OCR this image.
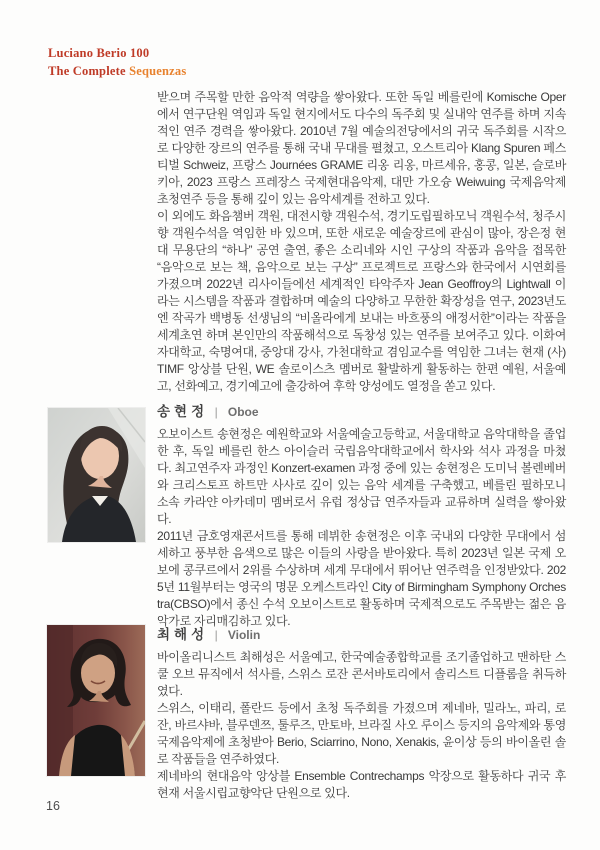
Luciano Berio 100
The Complete Sequenzas

받으며 주목할 만한 음악적 역량을 쌓아왔다. 또한 독일 베를린에 Komische Oper에서 연구단원 역임과 독일 현지에서도 다수의 독주회 및 실내악 연주를 하며 지속적인 연주 경력을 쌓아왔다. 2010년 7월 예술의전당에서의 귀국 독주회를 시작으로 다양한 장르의 연주를 통해 국내 무대를 펼쳤고, 오스트리아 Klang Spuren 페스티벌 Schweiz, 프랑스 Journées GRAME 리옹 리옹, 마르세유, 홍콩, 일본, 슬로바키아, 2023 프랑스 프레장스 국제현대음악제, 대만 가오슝 Weiwuing 국제음악제 초청연주 등을 통해 깊이 있는 음악세계를 전하고 있다.

이 외에도 화음챔버 객원, 대전시향 객원수석, 경기도립필하모닉 객원수석, 청주시향 객원수석을 역임한 바 있으며, 또한 새로운 예술장르에 관심이 많아, 장은정 현대 무용단의 “하나” 공연 출연, 좋은 소리네와 시인 구상의 작품과 음악을 접목한 “음악으로 보는 책, 음악으로 보는 구상” 프로젝트로 프랑스와 한국에서 시연회를 가졌으며 2022년 리사이들에선 세계적인 타악주자 Jean Geoffroy의 Lightwall 이라는 시스템을 작품과 결합하며 예술의 다양하고 무한한 확장성을 연구, 2023년도엔 작곡가 백병동 선생님의 “비올라에게 보내는 바흐풍의 애정서한”이라는 작품을 세계초연 하며 본인만의 작품해석으로 독창성 있는 연주를 보여주고 있다. 이화여자대학교, 숙명여대, 중앙대 강사, 가천대학교 겸임교수를 역임한 그녀는 현재 (사)TIMF 앙상블 단원, WE 솔로이스츠 멤버로 활발하게 활동하는 한편 예원, 서울예고, 선화예고, 경기예고에 출강하여 후학 양성에도 열정을 쏟고 있다.

송현정 | Oboe

오보이스트 송현정은 예원학교와 서울예술고등학교, 서울대학교 음악대학을 졸업한 후, 독일 베를린 한스 아이슬러 국립음악대학교에서 학사와 석사 과정을 마쳤다. 최고연주자 과정인 Konzert-examen 과정 중에 있는 송현정은 도미닉 볼렌베버와 크리스토프 하트만 사사로 깊이 있는 음악 세계를 구축했고, 베를린 필하모니 소속 카라얀 아카데미 멤버로서 유럽 정상급 연주자들과 교류하며 실력을 쌓아왔다.

2011년 금호영재콘서트를 통해 데뷔한 송현정은 이후 국내외 다양한 무대에서 섬세하고 풍부한 음색으로 많은 이들의 사랑을 받아왔다. 특히 2023년 일본 국제 오보에 콩쿠르에서 2위를 수상하며 세계 무대에서 뛰어난 연주력을 인정받았다. 2025년 11월부터는 영국의 명문 오케스트라인 City of Birmingham Symphony Orchestra(CBSO)에서 종신 수석 오보이스트로 활동하며 국제적으로도 주목받는 젊은 음악가로 자리매김하고 있다.

최해성 | Violin

바이올리니스트 최해성은 서울예고, 한국예술종합학교를 조기졸업하고 맨하탄 스쿨 오브 뮤직에서 석사를, 스위스 로잔 콘서바토리에서 솔리스트 디플롬을 취득하였다.

스위스, 이태리, 폴란드 등에서 초청 독주회를 가졌으며 제네바, 밀라노, 파리, 로잔, 바르샤바, 블루덴쯔, 툴루즈, 만토바, 브라질 사오 루이스 등지의 음악제와 통영국제음악제에 초청받아 Berio, Sciarrino, Nono, Xenakis, 윤이상 등의 바이올린 솔로 작품들을 연주하였다.

제네바의 현대음악 앙상블 Ensemble Contrechamps 악장으로 활동하다 귀국 후 현재 서울시립교향악단 단원으로 있다.

16
